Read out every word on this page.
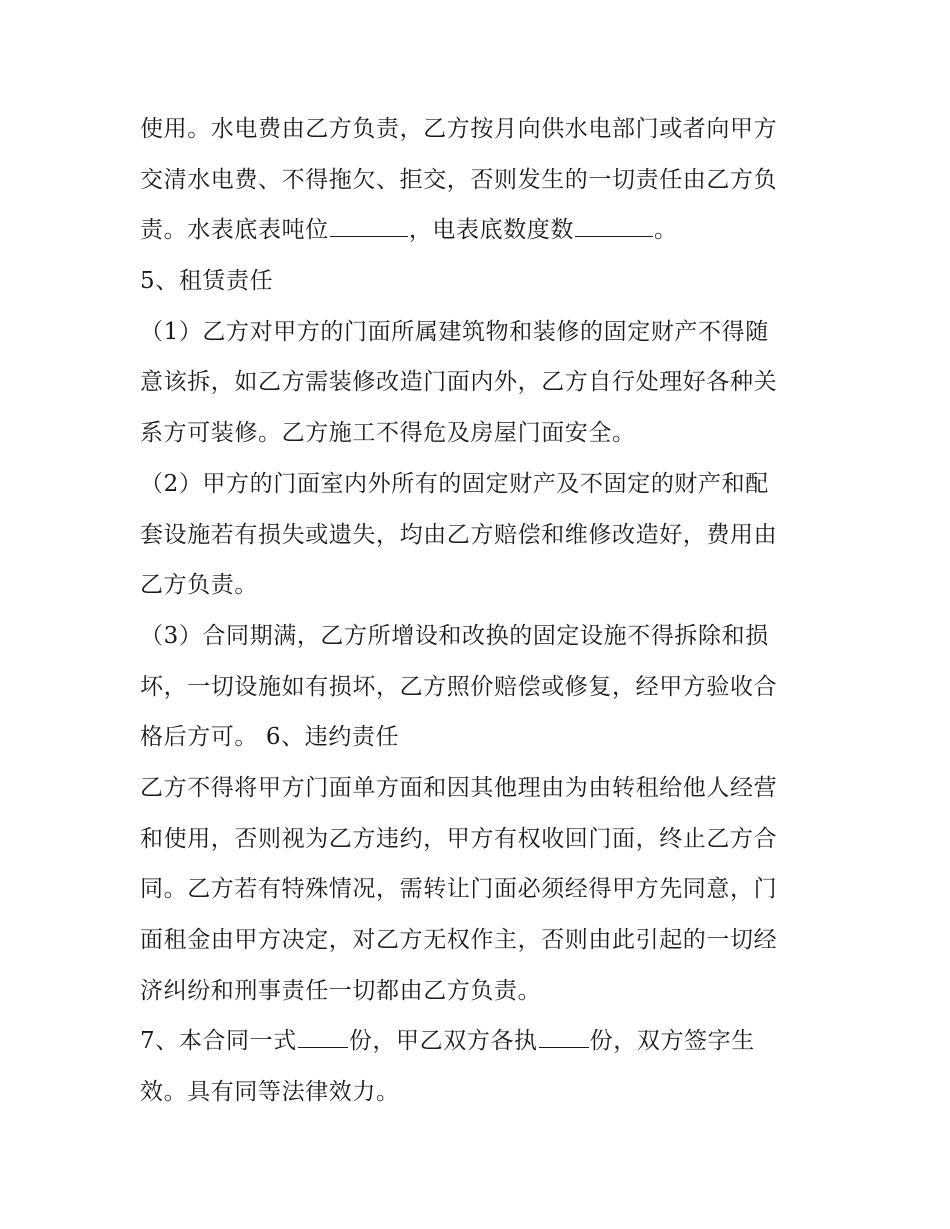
使用。水电费由乙方负责，乙方按月向供水电部门或者向甲方
交清水电费、不得拖欠、拒交，否则发生的一切责任由乙方负
责。水表底表吨位	，电表底数度数	。
5、租赁责任
（1）乙方对甲方的门面所属建筑物和装修的固定财产不得随
意该拆，如乙方需装修改造门面内外，乙方自行处理好各种关
系方可装修。乙方施工不得危及房屋门面安全。
（2）甲方的门面室内外所有的固定财产及不固定的财产和配
套设施若有损失或遗失，均由乙方赔偿和维修改造好，费用由
乙方负责。
（3）合同期满，乙方所增设和改换的固定设施不得拆除和损
坏，一切设施如有损坏，乙方照价赔偿或修复，经甲方验收合
格后方可。 6、违约责任
乙方不得将甲方门面单方面和因其他理由为由转租给他人经营
和使用，否则视为乙方违约，甲方有权收回门面，终止乙方合
同。乙方若有特殊情况，需转让门面必须经得甲方先同意，门
面租金由甲方决定，对乙方无权作主，否则由此引起的一切经
济纠纷和刑事责任一切都由乙方负责。
7、本合同一式 份，甲乙双方各执 份，双方签字生
效。具有同等法律效力。
